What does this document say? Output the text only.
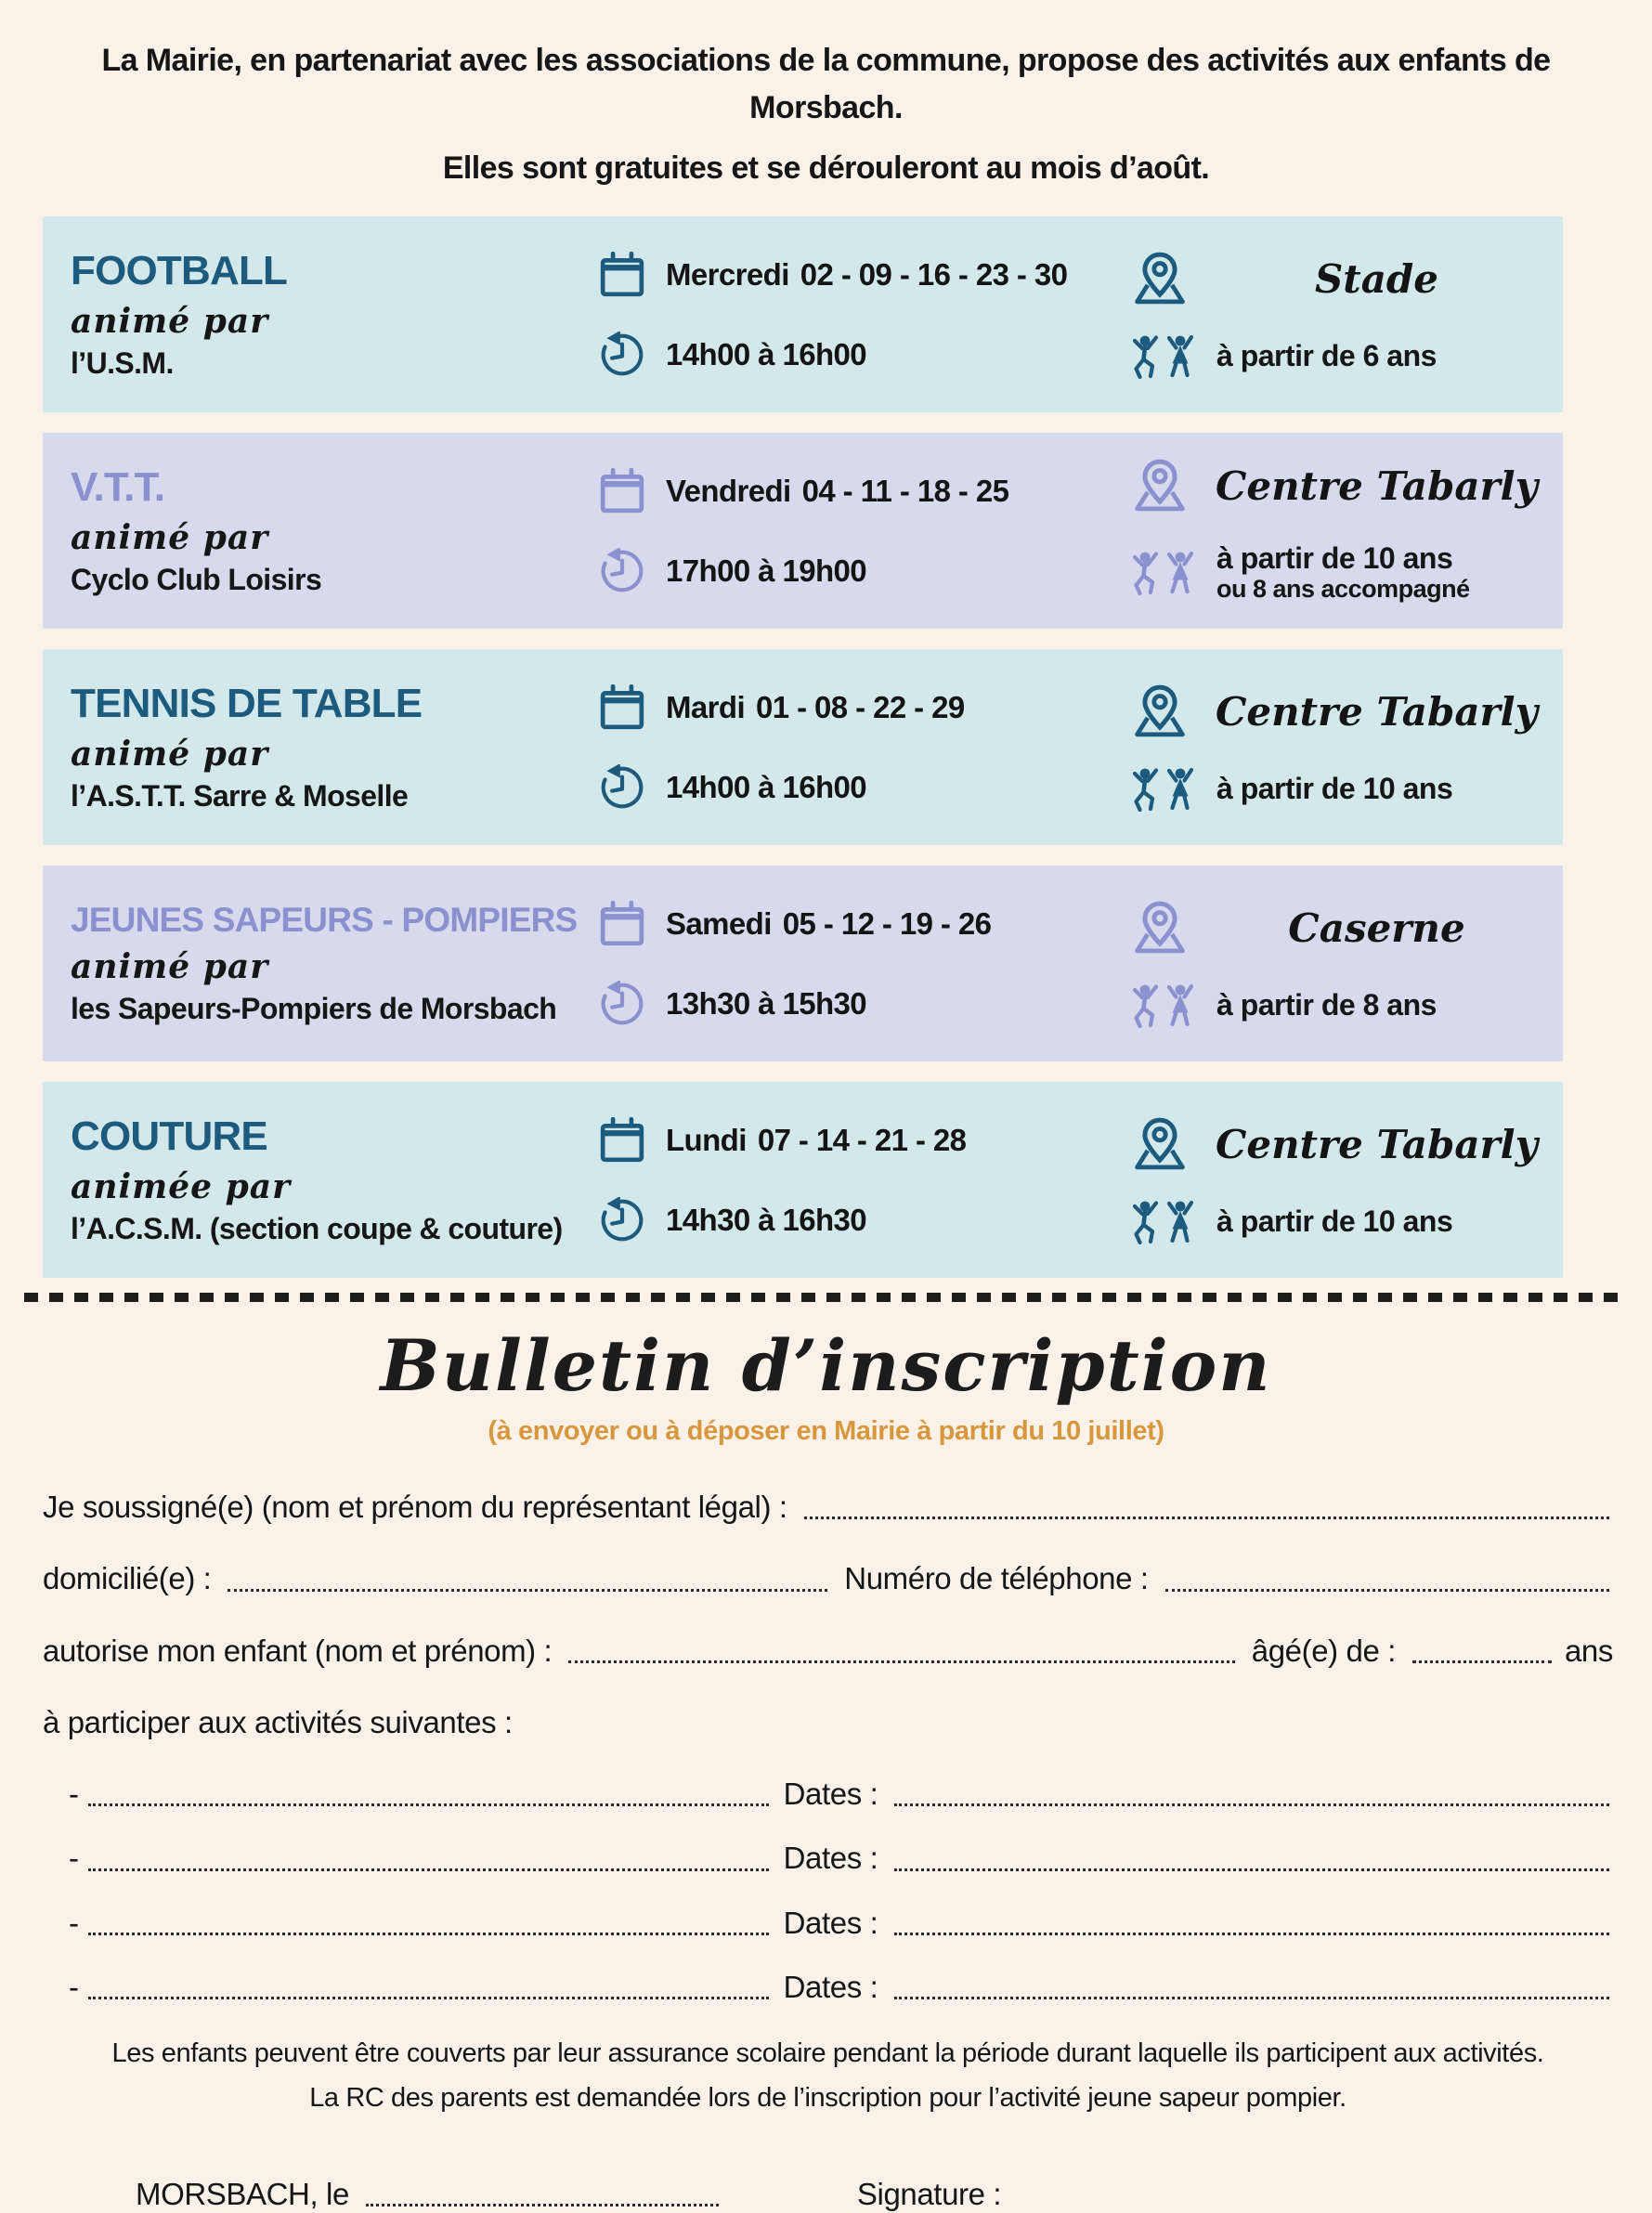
La Mairie, en partenariat avec les associations de la commune, propose des activités aux enfants de Morsbach.
Elles sont gratuites et se dérouleront au mois d’août.

FOOTBALL
animé par
l’U.S.M.
Mercredi 02 - 09 - 16 - 23 - 30
14h00 à 16h00
Stade
à partir de 6 ans
V.T.T.
animé par
Cyclo Club Loisirs
Vendredi 04 - 11 - 18 - 25
17h00 à 19h00
Centre Tabarly
à partir de 10 ans
ou 8 ans accompagné
TENNIS DE TABLE
animé par
l’A.S.T.T. Sarre & Moselle
Mardi 01 - 08 - 22 - 29
14h00 à 16h00
Centre Tabarly
à partir de 10 ans
JEUNES SAPEURS - POMPIERS
animé par
les Sapeurs-Pompiers de Morsbach
Samedi 05 - 12 - 19 - 26
13h30 à 15h30
Caserne
à partir de 8 ans
COUTURE
animée par
l’A.C.S.M. (section coupe & couture)
Lundi 07 - 14 - 21 - 28
14h30 à 16h30
Centre Tabarly
à partir de 10 ans
Bulletin d’inscription
(à envoyer ou à déposer en Mairie à partir du 10 juillet)
Je soussigné(e) (nom et prénom du représentant légal) :
domicilié(e) :	Numéro de téléphone :
autorise mon enfant (nom et prénom) :	âgé(e) de :	ans
à participer aux activités suivantes :
-	Dates :
-	Dates :
-	Dates :
-	Dates :
Les enfants peuvent être couverts par leur assurance scolaire pendant la période durant laquelle ils participent aux activités.
La RC des parents est demandée lors de l’inscription pour l’activité jeune sapeur pompier.
MORSBACH, le	Signature :
